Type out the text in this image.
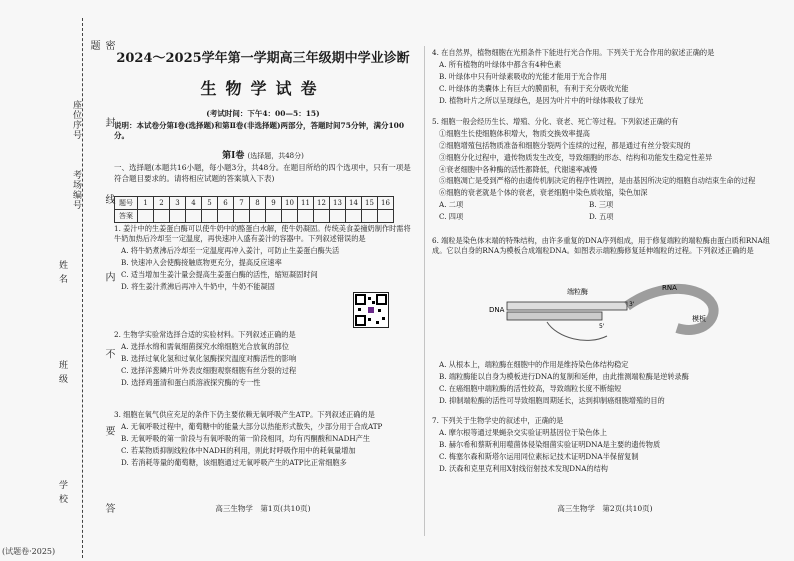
密 封 线 内 不 要 答 题
座位序号
考场编号
姓 名
班 级
学 校
(试题卷·2025)
2024～2025学年第一学期高三年级期中学业诊断
生物学试卷
(考试时间：下午4：00—5：15)
说明：本试卷分第Ⅰ卷(选择题)和第Ⅱ卷(非选择题)两部分，答题时间75分钟，满分100分。
第Ⅰ卷 (选择题，共48分)
一、选择题(本题共16小题，每小题3分，共48分。在题目所给的四个选项中，只有一项是符合题目要求的。请将相应试题的答案填入下表)
题号	1	2	3	4	5	6	7	8	9	10	11	12	13	14	15	16
答案																

1. 姜汁中的生姜蛋白酶可以使牛奶中的酪蛋白水解，使牛奶凝固。传统美食姜撞奶制作时需将牛奶加热后冷却至一定温度，再快速冲入盛有姜汁的容器中。下列叙述错误的是

A. 将牛奶煮沸后冷却至一定温度再冲入姜汁，可防止生姜蛋白酶失活

B. 快速冲入会使酶接触底物更充分，提高反应速率

C. 适当增加生姜汁量会提高生姜蛋白酶的活性，缩短凝固时间

D. 将生姜汁煮沸后再冲入牛奶中，牛奶不能凝固

2. 生物学实验常选择合适的实验材料。下列叙述正确的是

A. 选择水绵和需氧细菌探究水绵细胞光合放氧的部位

B. 选择过氧化氢和过氧化氢酶探究温度对酶活性的影响

C. 选择洋葱鳞片叶外表皮细胞观察细胞有丝分裂的过程

D. 选择鸡蛋清和蛋白质溶液探究酶的专一性

3. 细胞在氧气供应充足的条件下仍主要依赖无氧呼吸产生ATP。下列叙述正确的是

A. 无氧呼吸过程中，葡萄糖中的能量大部分以热能形式散失，少部分用于合成ATP

B. 无氧呼吸的第一阶段与有氧呼吸的第一阶段相同，均有丙酮酸和NADH产生

C. 若某物质抑制线粒体中NADH的利用，则此时呼吸作用中的耗氧量增加

D. 若消耗等量的葡萄糖，该细胞通过无氧呼吸产生的ATP比正常细胞多

高三生物学　第1页(共10页)

4. 在自然界，植物细胞在光照条件下能进行光合作用。下列关于光合作用的叙述正确的是

A. 所有植物的叶绿体中都含有4种色素

B. 叶绿体中只有叶绿素吸收的光能才能用于光合作用

C. 叶绿体的类囊体上有巨大的膜面积，有利于充分吸收光能

D. 植物叶片之所以呈现绿色，是因为叶片中的叶绿体吸收了绿光

5. 细胞一般会经历生长、增殖、分化、衰老、死亡等过程。下列叙述正确的有

①细胞生长使细胞体积增大，物质交换效率提高

②细胞增殖包括物质准备和细胞分裂两个连续的过程，都是通过有丝分裂实现的

③细胞分化过程中，遗传物质发生改变，导致细胞的形态、结构和功能发生稳定性差异

④衰老细胞中各种酶的活性都降低，代谢速率减慢

⑤细胞凋亡是受到严格的由遗传机制决定的程序性调控，是由基因所决定的细胞自动结束生命的过程

⑥细胞的衰老就是个体的衰老，衰老细胞中染色质收缩，染色加深

A. 二项	B. 三项

C. 四项	D. 五项

6. 端粒是染色体末端的特殊结构，由许多重复的DNA序列组成，用于修复端粒的端粒酶由蛋白质和RNA组成。它以自身的RNA为模板合成端粒DNA。如图表示端粒酶修复延伸端粒的过程。下列叙述正确的是

DNA
端粒酶	RNA
模板
3'
5'

A. 从根本上，端粒酶在细胞中的作用是维持染色体结构稳定

B. 端粒酶能以自身为模板进行DNA的复制和延伸，由此推测端粒酶是逆转录酶

C. 在癌细胞中端粒酶的活性较高，导致端粒长度不断缩短

D. 抑制端粒酶的活性可导致细胞周期延长，达到抑制癌细胞增殖的目的

7. 下列关于生物学史的叙述中，正确的是

A. 摩尔根等通过果蝇杂交实验证明基因位于染色体上

B. 赫尔希和蔡斯利用噬菌体侵染细菌实验证明DNA是主要的遗传物质

C. 梅塞尔森和斯塔尔运用同位素标记技术证明DNA半保留复制

D. 沃森和克里克利用X射线衍射技术发现DNA的结构

高三生物学　第2页(共10页)
